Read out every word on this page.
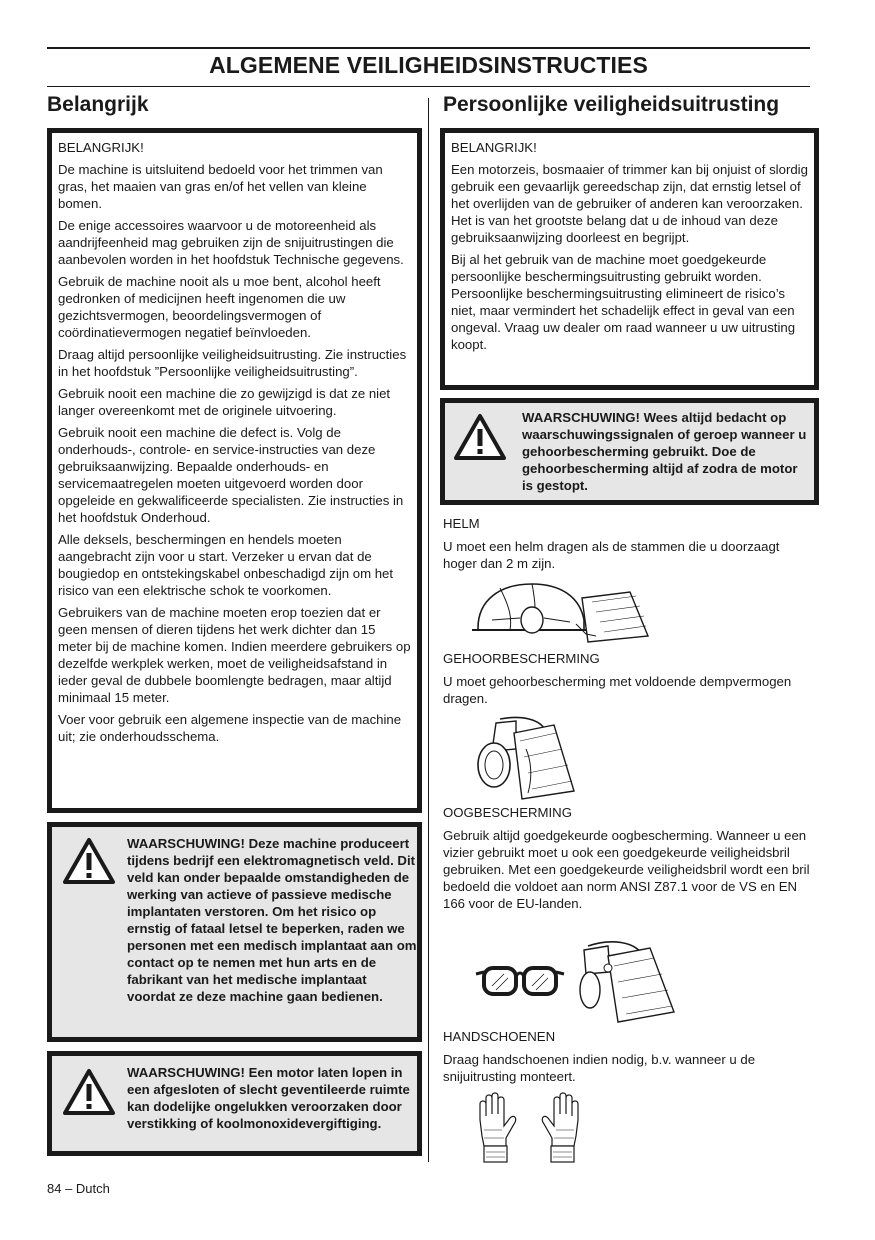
ALGEMENE VEILIGHEIDSINSTRUCTIES
Belangrijk	Persoonlijke veiligheidsuitrusting

BELANGRIJK!

De machine is uitsluitend bedoeld voor het trimmen van gras, het maaien van gras en/of het vellen van kleine bomen.

De enige accessoires waarvoor u de motoreenheid als aandrijfeenheid mag gebruiken zijn de snijuitrustingen die aanbevolen worden in het hoofdstuk Technische gegevens.

Gebruik de machine nooit als u moe bent, alcohol heeft gedronken of medicijnen heeft ingenomen die uw gezichtsvermogen, beoordelingsvermogen of coördinatievermogen negatief beïnvloeden.

Draag altijd persoonlijke veiligheidsuitrusting. Zie instructies in het hoofdstuk ”Persoonlijke veiligheidsuitrusting”.

Gebruik nooit een machine die zo gewijzigd is dat ze niet langer overeenkomt met de originele uitvoering.

Gebruik nooit een machine die defect is. Volg de onderhouds-, controle- en service-instructies van deze gebruiksaanwijzing. Bepaalde onderhouds- en servicemaatregelen moeten uitgevoerd worden door opgeleide en gekwalificeerde specialisten. Zie instructies in het hoofdstuk Onderhoud.

Alle deksels, beschermingen en hendels moeten aangebracht zijn voor u start. Verzeker u ervan dat de bougiedop en ontstekingskabel onbeschadigd zijn om het risico van een elektrische schok te voorkomen.

Gebruikers van de machine moeten erop toezien dat er geen mensen of dieren tijdens het werk dichter dan 15 meter bij de machine komen. Indien meerdere gebruikers op dezelfde werkplek werken, moet de veiligheidsafstand in ieder geval de dubbele boomlengte bedragen, maar altijd minimaal 15 meter.

Voer voor gebruik een algemene inspectie van de machine uit; zie onderhoudsschema.

WAARSCHUWING! Deze machine produceert tijdens bedrijf een elektromagnetisch veld. Dit veld kan onder bepaalde omstandigheden de werking van actieve of passieve medische implantaten verstoren. Om het risico op ernstig of fataal letsel te beperken, raden we personen met een medisch implantaat aan om contact op te nemen met hun arts en de fabrikant van het medische implantaat voordat ze deze machine gaan bedienen.
WAARSCHUWING! Een motor laten lopen in een afgesloten of slecht geventileerde ruimte kan dodelijke ongelukken veroorzaken door verstikking of koolmonoxidevergiftiging.

BELANGRIJK!

Een motorzeis, bosmaaier of trimmer kan bij onjuist of slordig gebruik een gevaarlijk gereedschap zijn, dat ernstig letsel of het overlijden van de gebruiker of anderen kan veroorzaken. Het is van het grootste belang dat u de inhoud van deze gebruiksaanwijzing doorleest en begrijpt.

Bij al het gebruik van de machine moet goedgekeurde persoonlijke beschermingsuitrusting gebruikt worden. Persoonlijke beschermingsuitrusting elimineert de risico’s niet, maar vermindert het schadelijk effect in geval van een ongeval. Vraag uw dealer om raad wanneer u uw uitrusting koopt.

WAARSCHUWING! Wees altijd bedacht op waarschuwingssignalen of geroep wanneer u gehoorbescherming gebruikt. Doe de gehoorbescherming altijd af zodra de motor is gestopt.
HELM
U moet een helm dragen als de stammen die u doorzaagt hoger dan 2 m zijn.
GEHOORBESCHERMING
U moet gehoorbescherming met voldoende dempvermogen dragen.
OOGBESCHERMING
Gebruik altijd goedgekeurde oogbescherming. Wanneer u een vizier gebruikt moet u ook een goedgekeurde veiligheidsbril gebruiken. Met een goedgekeurde veiligheidsbril wordt een bril bedoeld die voldoet aan norm ANSI Z87.1 voor de VS en EN 166 voor de EU-landen.
HANDSCHOENEN
Draag handschoenen indien nodig, b.v. wanneer u de snijuitrusting monteert.
84 – Dutch
